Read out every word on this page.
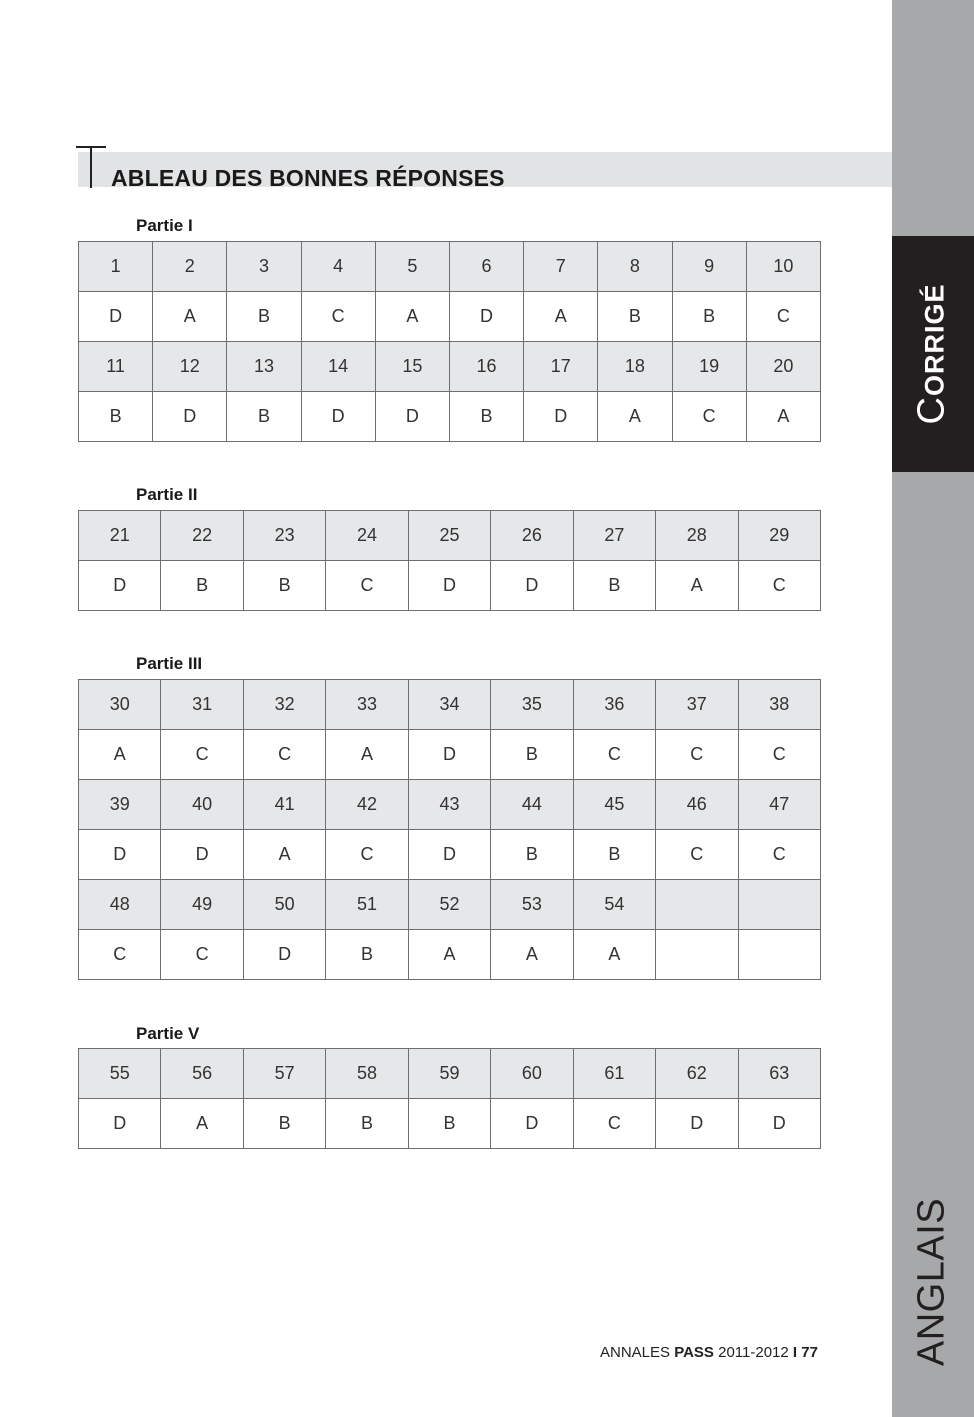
CORRIGÉ
ANGLAIS
ABLEAU DES BONNES RÉPONSES
Partie I
Partie II
Partie III
Partie V
1	2	3	4	5	6	7	8	9	10
D	A	B	C	A	D	A	B	B	C
11	12	13	14	15	16	17	18	19	20
B	D	B	D	D	B	D	A	C	A
21	22	23	24	25	26	27	28	29
D	B	B	C	D	D	B	A	C
30	31	32	33	34	35	36	37	38
A	C	C	A	D	B	C	C	C
39	40	41	42	43	44	45	46	47
D	D	A	C	D	B	B	C	C
48	49	50	51	52	53	54		
C	C	D	B	A	A	A		
55	56	57	58	59	60	61	62	63
D	A	B	B	B	D	C	D	D
ANNALES PASS 2011-2012 I 77
